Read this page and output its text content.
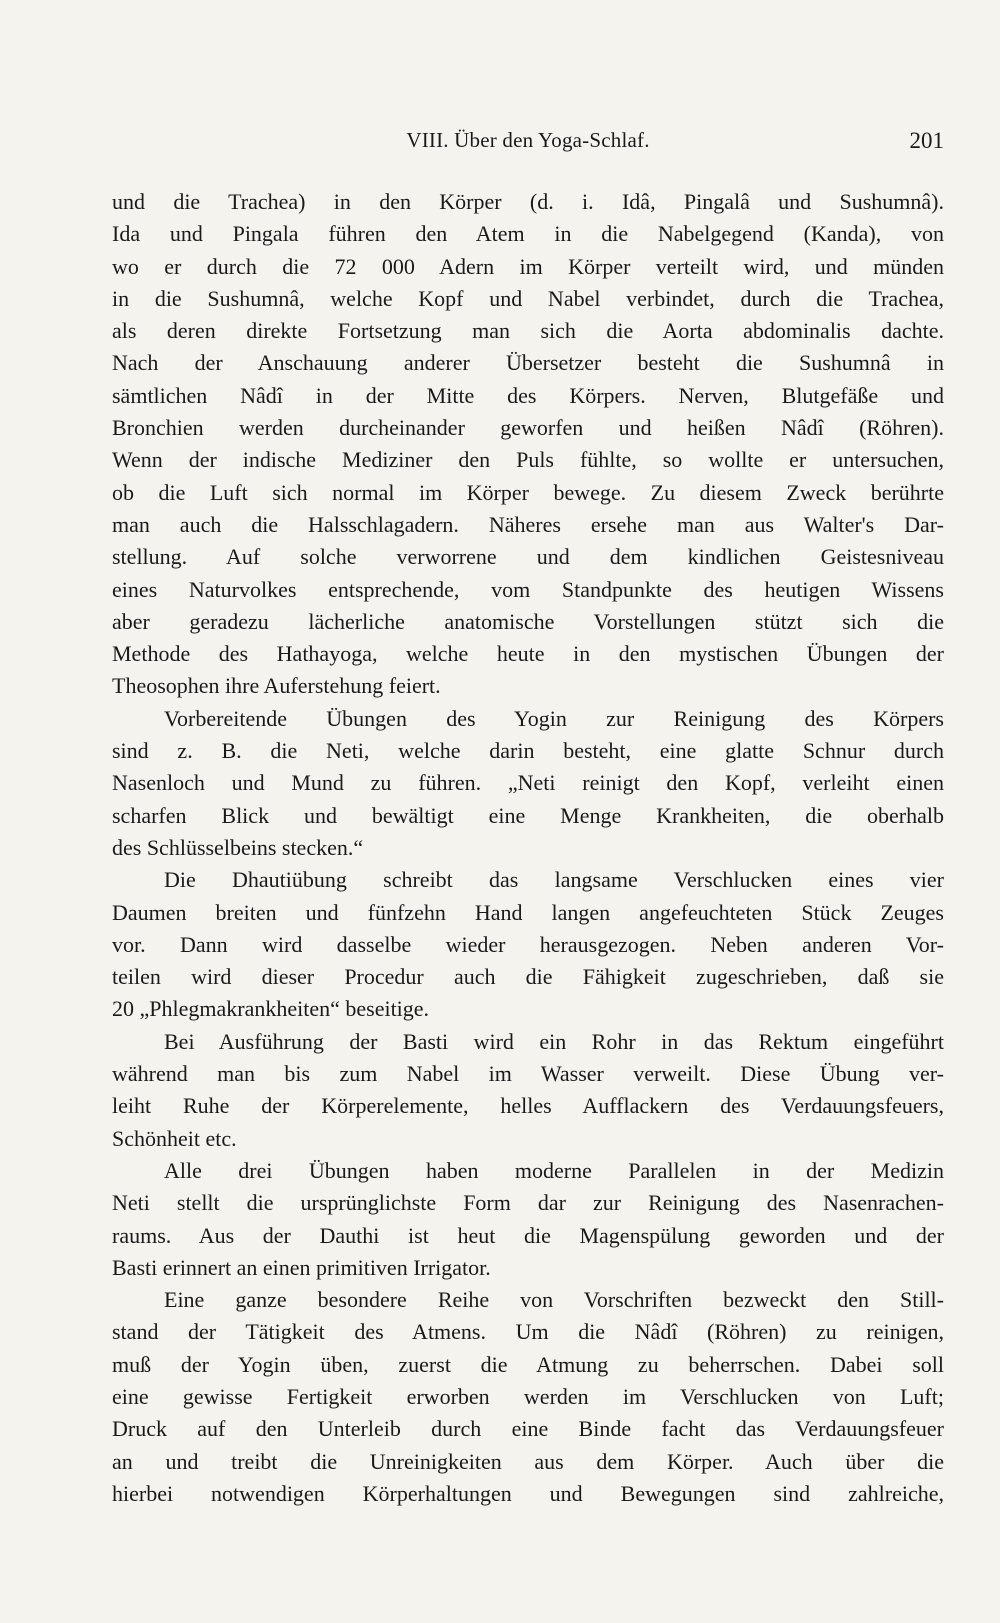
VIII. Über den Yoga-Schlaf.	201
und die Trachea) in den Körper (d. i. Idâ, Pingalâ und Sushumnâ).
Ida und Pingala führen den Atem in die Nabelgegend (Kanda), von
wo er durch die 72 000 Adern im Körper verteilt wird, und münden
in die Sushumnâ, welche Kopf und Nabel verbindet, durch die Trachea,
als deren direkte Fortsetzung man sich die Aorta abdominalis dachte.
Nach der Anschauung anderer Übersetzer besteht die Sushumnâ in
sämtlichen Nâdî in der Mitte des Körpers. Nerven, Blutgefäße und
Bronchien werden durcheinander geworfen und heißen Nâdî (Röhren).
Wenn der indische Mediziner den Puls fühlte, so wollte er untersuchen,
ob die Luft sich normal im Körper bewege. Zu diesem Zweck berührte
man auch die Halsschlagadern. Näheres ersehe man aus Walter's Dar-
stellung. Auf solche verworrene und dem kindlichen Geistesniveau
eines Naturvolkes entsprechende, vom Standpunkte des heutigen Wissens
aber geradezu lächerliche anatomische Vorstellungen stützt sich die
Methode des Hathayoga, welche heute in den mystischen Übungen der
Theosophen ihre Auferstehung feiert.
Vorbereitende Übungen des Yogin zur Reinigung des Körpers
sind z. B. die Neti, welche darin besteht, eine glatte Schnur durch
Nasenloch und Mund zu führen. „Neti reinigt den Kopf, verleiht einen
scharfen Blick und bewältigt eine Menge Krankheiten, die oberhalb
des Schlüsselbeins stecken.“
Die Dhautiübung schreibt das langsame Verschlucken eines vier
Daumen breiten und fünfzehn Hand langen angefeuchteten Stück Zeuges
vor. Dann wird dasselbe wieder herausgezogen. Neben anderen Vor-
teilen wird dieser Procedur auch die Fähigkeit zugeschrieben, daß sie
20 „Phlegmakrankheiten“ beseitige.
Bei Ausführung der Basti wird ein Rohr in das Rektum eingeführt
während man bis zum Nabel im Wasser verweilt. Diese Übung ver-
leiht Ruhe der Körperelemente, helles Aufflackern des Verdauungsfeuers,
Schönheit etc.
Alle drei Übungen haben moderne Parallelen in der Medizin
Neti stellt die ursprünglichste Form dar zur Reinigung des Nasenrachen-
raums. Aus der Dauthi ist heut die Magenspülung geworden und der
Basti erinnert an einen primitiven Irrigator.
Eine ganze besondere Reihe von Vorschriften bezweckt den Still-
stand der Tätigkeit des Atmens. Um die Nâdî (Röhren) zu reinigen,
muß der Yogin üben, zuerst die Atmung zu beherrschen. Dabei soll
eine gewisse Fertigkeit erworben werden im Verschlucken von Luft;
Druck auf den Unterleib durch eine Binde facht das Verdauungsfeuer
an und treibt die Unreinigkeiten aus dem Körper. Auch über die
hierbei notwendigen Körperhaltungen und Bewegungen sind zahlreiche,
